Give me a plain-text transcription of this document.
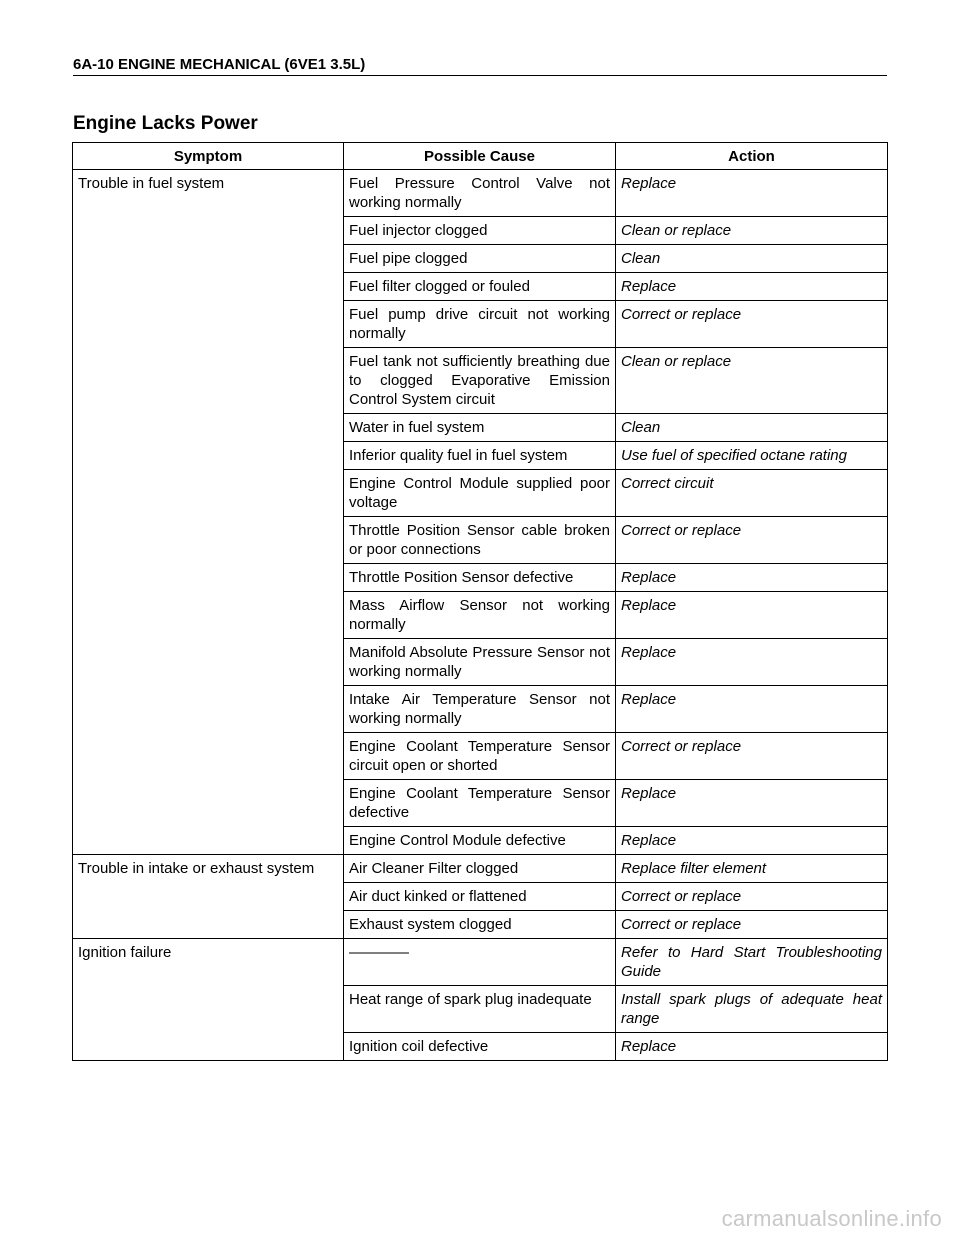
6A-10 ENGINE MECHANICAL (6VE1 3.5L)
Engine Lacks Power
Symptom	Possible Cause	Action
Trouble in fuel system	Fuel Pressure Control Valve not working normally	Replace
	Fuel injector clogged	Clean or replace
	Fuel pipe clogged	Clean
	Fuel filter clogged or fouled	Replace
	Fuel pump drive circuit not working normally	Correct or replace
	Fuel tank not sufficiently breathing due to clogged Evaporative Emission Control System circuit	Clean or replace
	Water in fuel system	Clean
	Inferior quality fuel in fuel system	Use fuel of specified octane rating
	Engine Control Module supplied poor voltage	Correct circuit
	Throttle Position Sensor cable broken or poor connections	Correct or replace
	Throttle Position Sensor defective	Replace
	Mass Airflow Sensor not working normally	Replace
	Manifold Absolute Pressure Sensor not working normally	Replace
	Intake Air Temperature Sensor not working normally	Replace
	Engine Coolant Temperature Sensor circuit open or shorted	Correct or replace
	Engine Coolant Temperature Sensor defective	Replace
	Engine Control Module defective	Replace
Trouble in intake or exhaust system	Air Cleaner Filter clogged	Replace filter element
	Air duct kinked or flattened	Correct or replace
	Exhaust system clogged	Correct or replace
Ignition failure	————	Refer to Hard Start Troubleshooting Guide
	Heat range of spark plug inadequate	Install spark plugs of adequate heat range
	Ignition coil defective	Replace
carmanualsonline.info
